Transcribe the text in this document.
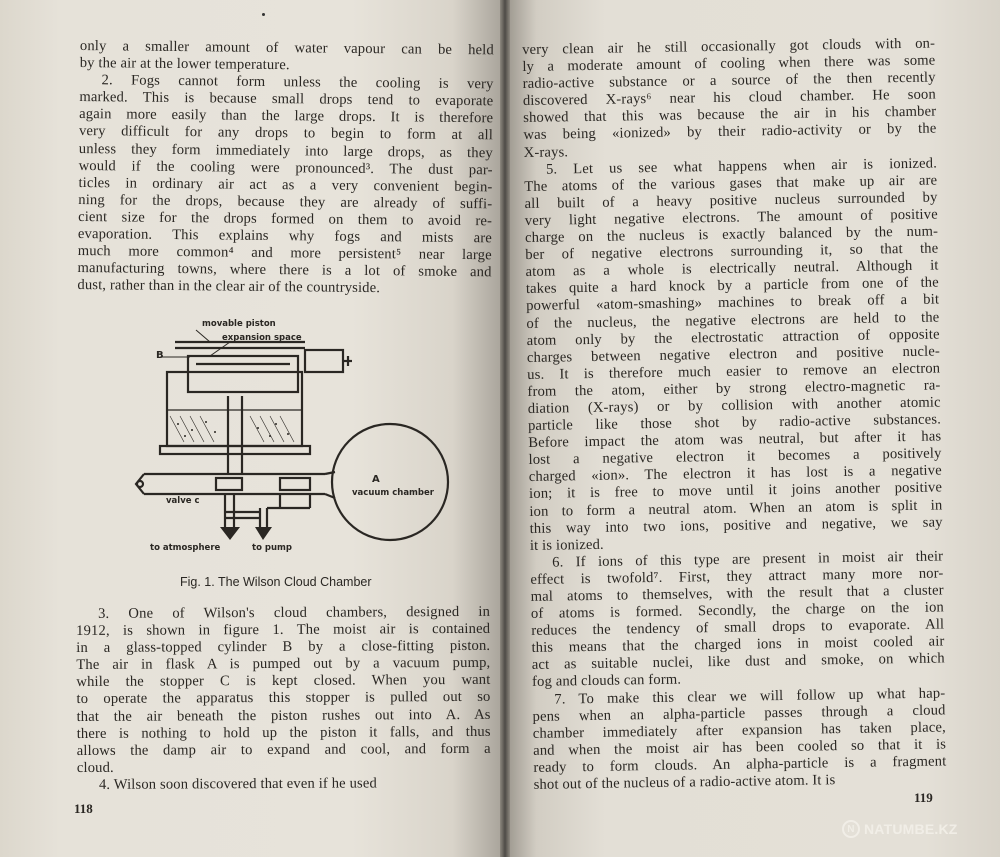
only a smaller amount of water vapour can be held
by the air at the lower temperature.
2. Fogs cannot form unless the cooling is very
marked. This is because small drops tend to evaporate
again more easily than the large drops. It is therefore
very difficult for any drops to begin to form at all
unless they form immediately into large drops, as they
would if the cooling were pronounced³. The dust par-
ticles in ordinary air act as a very convenient begin-
ning for the drops, because they are already of suffi-
cient size for the drops formed on them to avoid re-
evaporation. This explains why fogs and mists are
much more common⁴ and more persistent⁵ near large
manufacturing towns, where there is a lot of smoke and
dust, rather than in the clear air of the countryside.
movable piston
expansion space
B
A
vacuum chamber
valve c
to atmosphere	to pump
Fig. 1. The Wilson Cloud Chamber
3. One of Wilson's cloud chambers, designed in
1912, is shown in figure 1. The moist air is contained
in a glass-topped cylinder B by a close-fitting piston.
The air in flask A is pumped out by a vacuum pump,
while the stopper C is kept closed. When you want
to operate the apparatus this stopper is pulled out so
that the air beneath the piston rushes out into A. As
there is nothing to hold up the piston it falls, and thus
allows the damp air to expand and cool, and form a
cloud.
4. Wilson soon discovered that even if he used
118
very clean air he still occasionally got clouds with on-
ly a moderate amount of cooling when there was some
radio-active substance or a source of the then recently
discovered X-rays⁶ near his cloud chamber. He soon
showed that this was because the air in his chamber
was being «ionized» by their radio-activity or by the
X-rays.
5. Let us see what happens when air is ionized.
The atoms of the various gases that make up air are
all built of a heavy positive nucleus surrounded by
very light negative electrons. The amount of positive
charge on the nucleus is exactly balanced by the num-
ber of negative electrons surrounding it, so that the
atom as a whole is electrically neutral. Although it
takes quite a hard knock by a particle from one of the
powerful «atom-smashing» machines to break off a bit
of the nucleus, the negative electrons are held to the
atom only by the electrostatic attraction of opposite
charges between negative electron and positive nucle-
us. It is therefore much easier to remove an electron
from the atom, either by strong electro-magnetic ra-
diation (X-rays) or by collision with another atomic
particle like those shot by radio-active substances.
Before impact the atom was neutral, but after it has
lost a negative electron it becomes a positively
charged «ion». The electron it has lost is a negative
ion; it is free to move until it joins another positive
ion to form a neutral atom. When an atom is split in
this way into two ions, positive and negative, we say
it is ionized.
6. If ions of this type are present in moist air their
effect is twofold⁷. First, they attract many more nor-
mal atoms to themselves, with the result that a cluster
of atoms is formed. Secondly, the charge on the ion
reduces the tendency of small drops to evaporate. All
this means that the charged ions in moist cooled air
act as suitable nuclei, like dust and smoke, on which
fog and clouds can form.
7. To make this clear we will follow up what hap-
pens when an alpha-particle passes through a cloud
chamber immediately after expansion has taken place,
and when the moist air has been cooled so that it is
ready to form clouds. An alpha-particle is a fragment
shot out of the nucleus of a radio-active atom. It is
119
N NATUMBE.KZ
